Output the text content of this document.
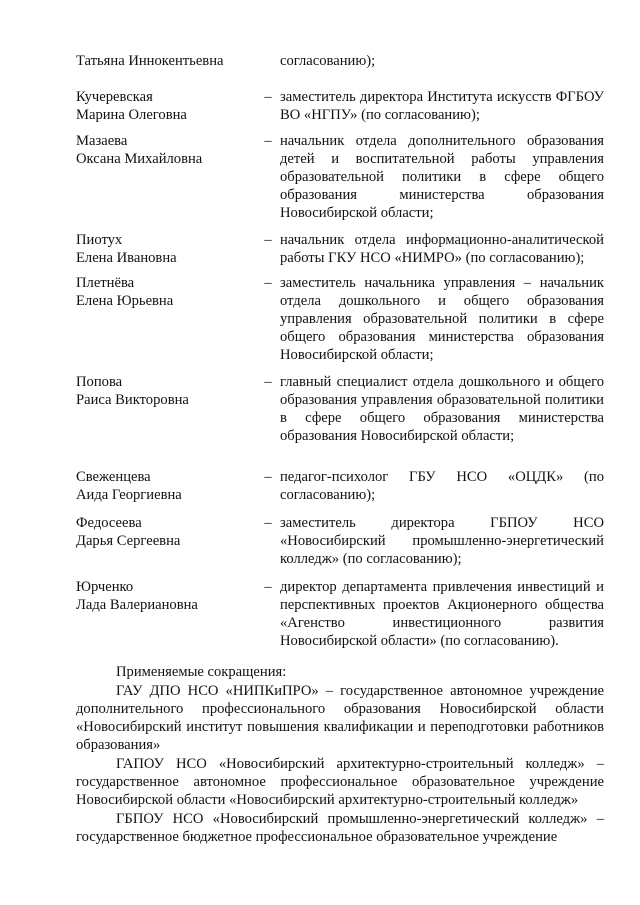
Татьяна Иннокентьевна	согласованию);
Кучеревская
Марина Олеговна
– заместитель директора Института искусств ФГБОУ ВО «НГПУ» (по согласованию);
Мазаева
Оксана Михайловна
– начальник отдела дополнительного образования детей и воспитательной работы управления образовательной политики в сфере общего образования министерства образования Новосибирской области;
Пиотух
Елена Ивановна
– начальник отдела информационно-аналитической работы ГКУ НСО «НИМРО» (по согласованию);
Плетнёва
Елена Юрьевна
– заместитель начальника управления – начальник отдела дошкольного и общего образования управления образовательной политики в сфере общего образования министерства образования Новосибирской области;
Попова
Раиса Викторовна
– главный специалист отдела дошкольного и общего образования управления образовательной политики в сфере общего образования министерства образования Новосибирской области;
Свеженцева
Аида Георгиевна
– педагог-психолог ГБУ НСО «ОЦДК» (по согласованию);
Федосеева
Дарья Сергеевна
– заместитель директора ГБПОУ НСО «Новосибирский промышленно-энергетический колледж» (по согласованию);
Юрченко
Лада Валериановна
– директор департамента привлечения инвестиций и перспективных проектов Акционерного общества «Агенство инвестиционного развития Новосибирской области» (по согласованию).
Применяемые сокращения:
ГАУ ДПО НСО «НИПКиПРО» – государственное автономное учреждение дополнительного профессионального образования Новосибирской области «Новосибирский институт повышения квалификации и переподготовки работников образования»
ГАПОУ НСО «Новосибирский архитектурно-строительный колледж» – государственное автономное профессиональное образовательное учреждение Новосибирской области «Новосибирский архитектурно-строительный колледж»
ГБПОУ НСО «Новосибирский промышленно-энергетический колледж» – государственное бюджетное профессиональное образовательное учреждение
